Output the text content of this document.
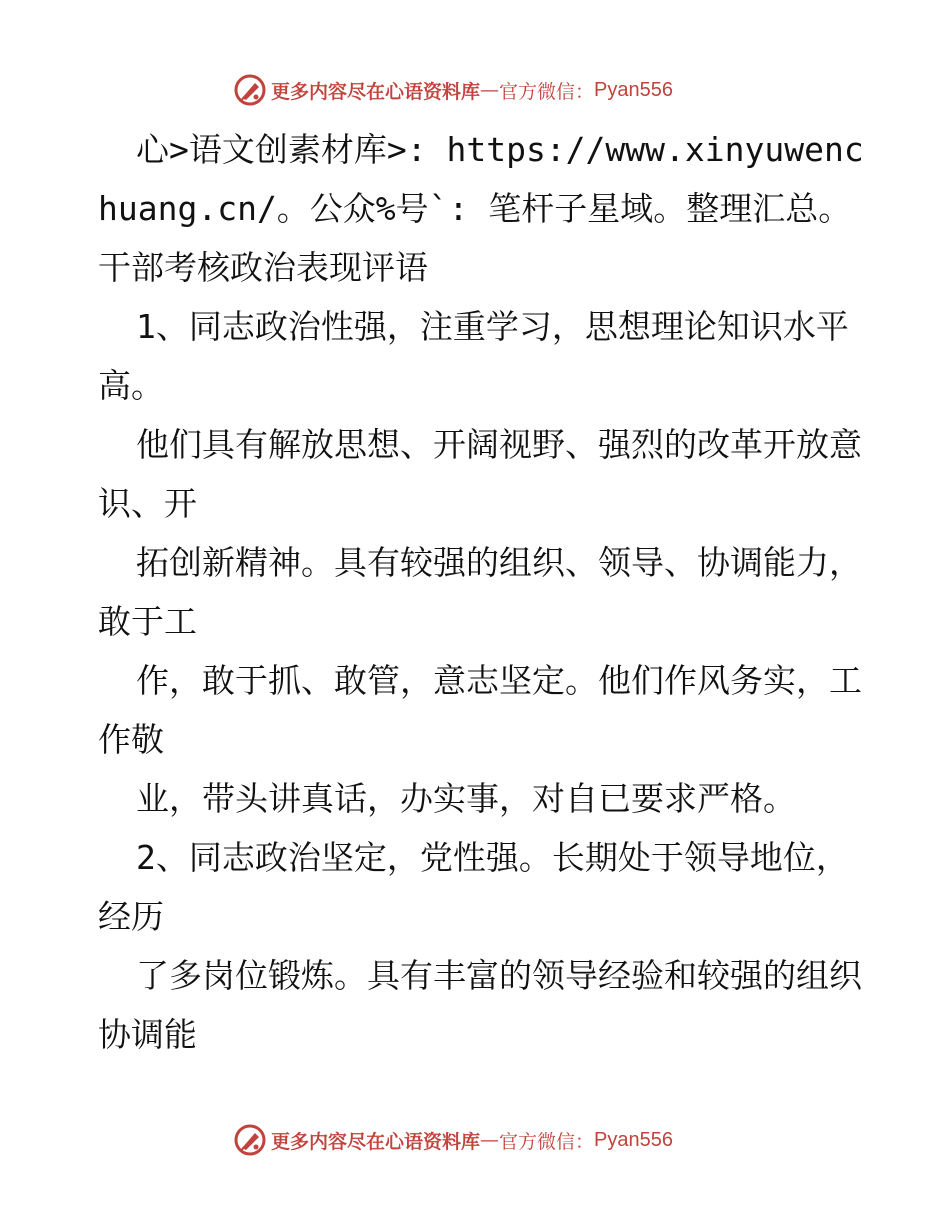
更多内容尽在心语资料库 — 官方微信： Pyan556

心>语文创素材库>: https://www.xinyuwenchuang.cn/。公众%号`: 笔杆子星域。整理汇总。干部考核政治表现评语

1、同志政治性强，注重学习，思想理论知识水平高。

他们具有解放思想、开阔视野、强烈的改革开放意识、开

拓创新精神。具有较强的组织、领导、协调能力，敢于工

作，敢于抓、敢管，意志坚定。他们作风务实，工作敬

业，带头讲真话，办实事，对自已要求严格。

2、同志政治坚定，党性强。长期处于领导地位，经历

了多岗位锻炼。具有丰富的领导经验和较强的组织协调能

更多内容尽在心语资料库 — 官方微信： Pyan556
